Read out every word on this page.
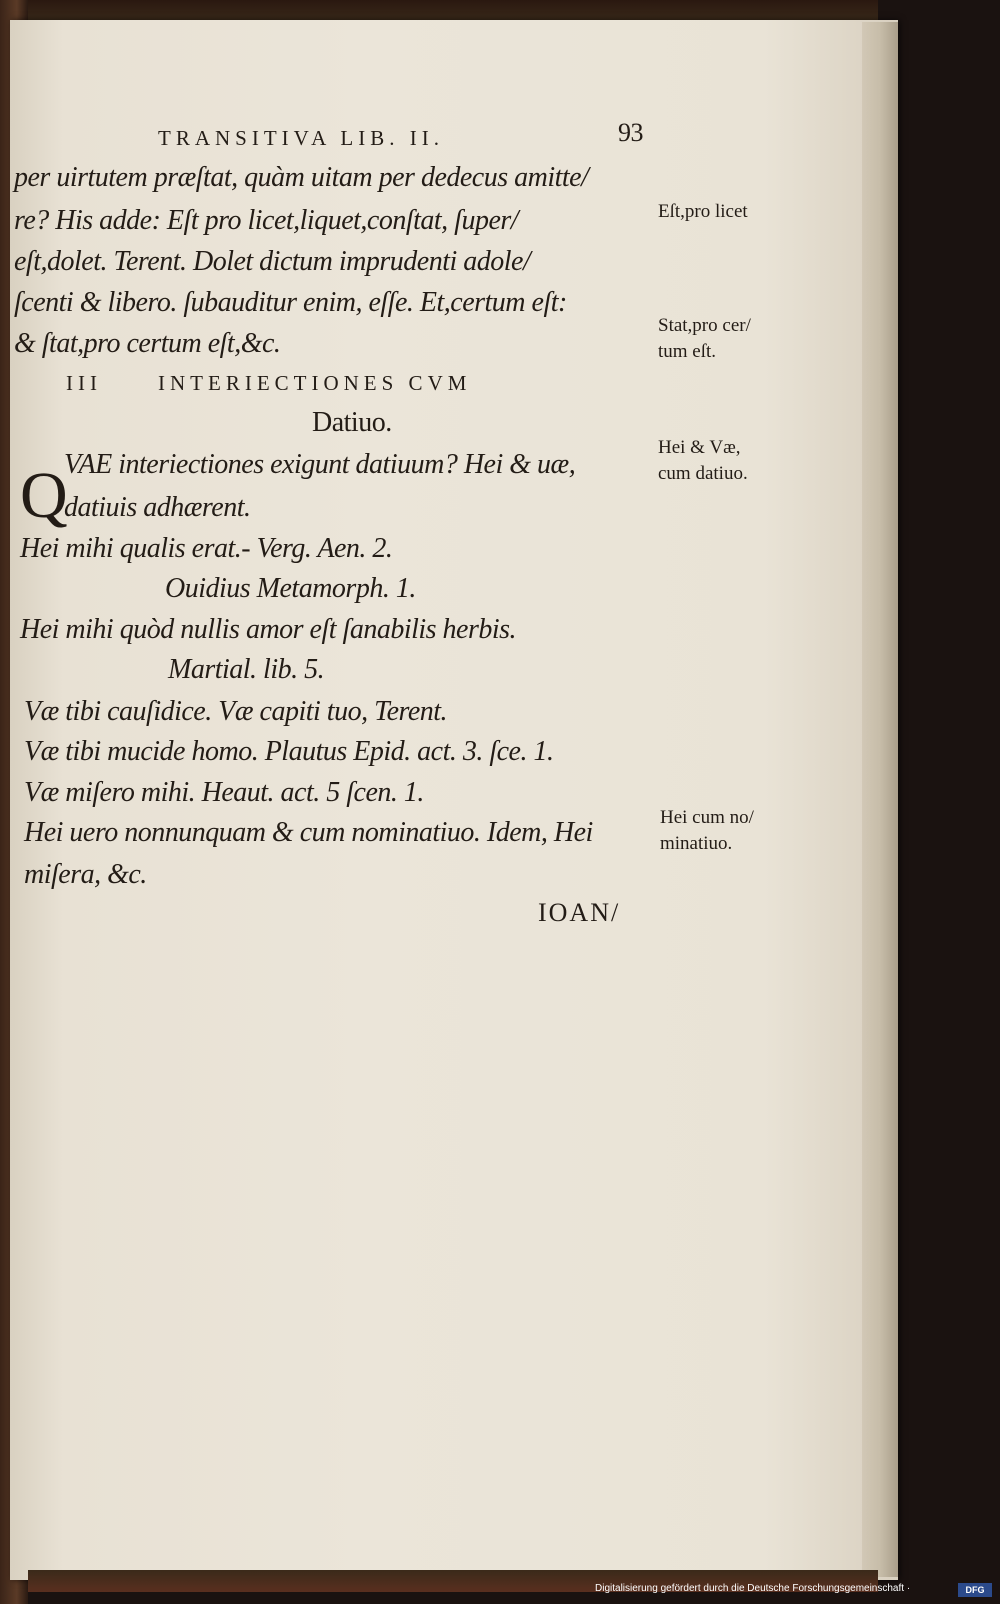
TRANSITIVA LIB. II.	93
per uirtutem præſtat, quàm uitam per dedecus amitte/
re? His adde: Eſt pro licet,liquet,conſtat, ſuper/
eſt,dolet. Terent. Dolet dictum imprudenti adole/
ſcenti & libero. ſubauditur enim, eſſe. Et,certum eſt:
& ſtat,pro certum eſt,&c.
III	INTERIECTIONES CVM
Datiuo.
Q
VAE interiectiones exigunt datiuum? Hei & uæ,
datiuis adhærent.
Hei mihi qualis erat.- Verg. Aen. 2.
Ouidius Metamorph. 1.
Hei mihi quòd nullis amor eſt ſanabilis herbis.
Martial. lib. 5.
Væ tibi cauſidice. Væ capiti tuo, Terent.
Væ tibi mucide homo. Plautus Epid. act. 3. ſce. 1.
Væ miſero mihi. Heaut. act. 5 ſcen. 1.
Hei uero nonnunquam & cum nominatiuo. Idem, Hei
miſera, &c.
IOAN/
Eſt,pro licet
Stat,pro cer/
tum eſt.
Hei & Væ,
cum datiuo.
Hei cum no/
minatiuo.
Digitalisierung gefördert durch die Deutsche Forschungsgemeinschaft ·	DFG
